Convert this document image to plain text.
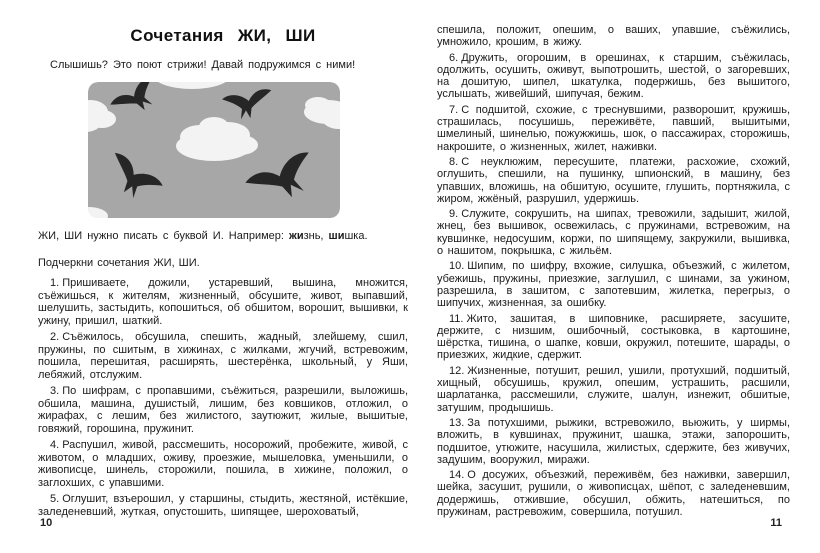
Сочетания ЖИ, ШИ

Слышишь? Это поют стрижи! Давай подружимся с ними!

ЖИ, ШИ нужно писать с буквой И. Например: жизнь, шишка.

Подчеркни сочетания ЖИ, ШИ.

1. Пришиваете, дожили, устаревший, вышина, множится, съёжишься, к жителям, жизненный, обсушите, живот, выпавший, шелушить, застыдить, копошиться, об обшитом, ворошит, вышивки, к ужину, пришил, шаткий.

2. Съёжилось, обсушила, спешить, жадный, злейшему, сшил, пружины, по сшитым, в хижинах, с жилками, жгучий, встревожим, пошила, перешитая, расширять, шестерёнка, школьный, у Яши, лебяжий, отслужим.

3. По шифрам, с пропавшими, съёжиться, разрешили, выложишь, обшила, машина, душистый, лишим, без ковшиков, отложил, о жирафах, с лешим, без жилистого, заутюжит, жилые, вышитые, говяжий, горошина, пружинит.

4. Распушил, живой, рассмешить, носорожий, пробежите, живой, с животом, о младших, оживу, проезжие, мышеловка, уменьшили, о живописце, шинель, сторожили, пошила, в хижине, положил, о заглохших, с упавшими.

5. Оглушит, взъерошил, у старшины, стыдить, жестяной, истёкшие, заледеневший, жуткая, опустошить, шипящее, шероховатый,

спешила, положит, опешим, о ваших, упавшие, съёжились, умножило, крошим, в жижу.

6. Дружить, огорошим, в орешинах, к старшим, съёжилась, одолжить, осушить, оживут, выпотрошить, шестой, о загоревших, на дошитую, шипел, шкатулка, подержишь, без вышитого, услышать, живейший, шипучая, бежим.

7. С подшитой, схожие, с треснувшими, разворошит, кружишь, страшилась, посушишь, переживёте, павший, вышитыми, шмелиный, шинелью, пожужжишь, шок, о пассажирах, сторожишь, накрошите, о жизненных, жилет, наживки.

8. С неуклюжим, пересушите, платежи, расхожие, схожий, оглушить, спешили, на пушинку, шпионский, в машину, без упавших, вложишь, на обшитую, осушите, глушить, портняжила, с жиром, жжёный, разрушил, удержишь.

9. Служите, сокрушить, на шипах, тревожили, задышит, жилой, жнец, без вышивок, освежилась, с пружинами, встревожим, на кувшинке, недосушим, коржи, по шипящему, закружили, вышивка, о нашитом, покрышка, с жильём.

10. Шипим, по шифру, вхожие, силушка, объезжий, с жилетом, убежишь, пружины, приезжие, заглушил, с шинами, за ужином, разрешила, в зашитом, с запотевшим, жилетка, перегрыз, о шипучих, жизненная, за ошибку.

11. Жито, зашитая, в шиповнике, расширяете, засушите, держите, с низшим, ошибочный, состыковка, в картошине, шёрстка, тишина, о шапке, ковши, окружил, потешите, шарады, о приезжих, жидкие, сдержит.

12. Жизненные, потушит, решил, ушили, протухший, подшитый, хищный, обсушишь, кружил, опешим, устрашить, расшили, шарлатанка, рассмешили, служите, шалун, изнежит, обшитые, затушим, продышишь.

13. За потухшими, рыжики, встревожило, вьюжить, у ширмы, вложить, в кувшинах, пружинит, шашка, этажи, запорошить, подшитое, утюжите, насушила, жилистых, сдержите, без живучих, задушим, вооружил, миражи.

14. О досужих, объезжий, переживём, без наживки, завершил, шейка, засушит, рушили, о живописцах, шёпот, с заледеневшим, додержишь, отжившие, обсушил, обжить, натешиться, по пружинам, растревожим, совершила, потушил.

10	11
